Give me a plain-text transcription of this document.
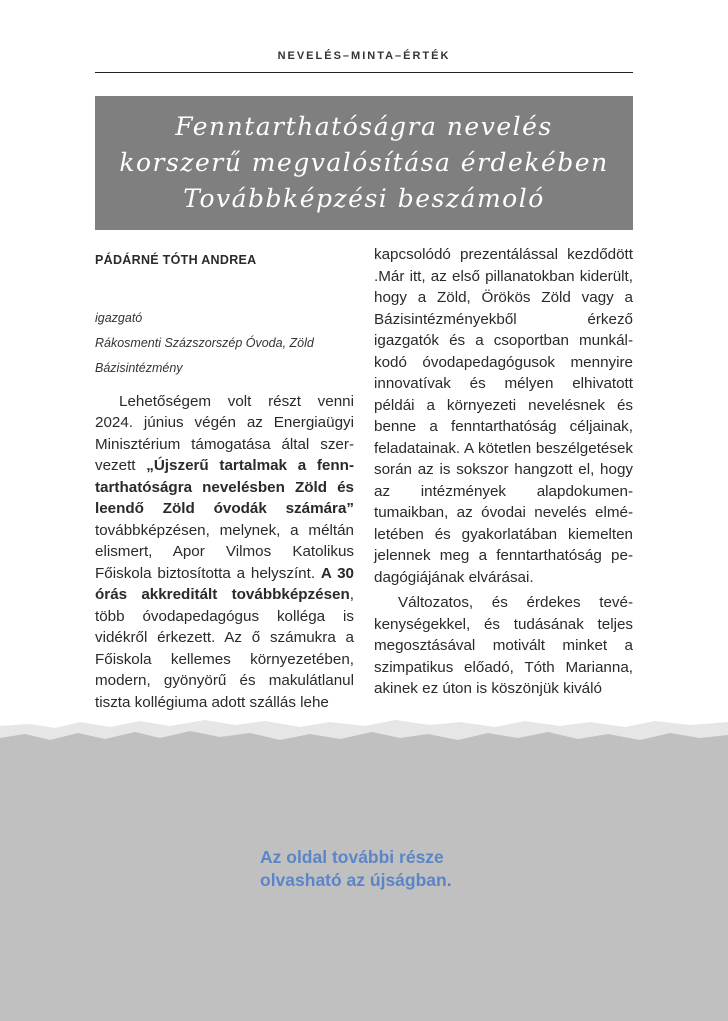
NEVELÉS–MINTA–ÉRTÉK
Fenntarthatóságra nevelés
korszerű megvalósítása érdekében
Továbbképzési beszámoló
PÁDÁRNÉ TÓTH ANDREA
igazgató
Rákosmenti Százszorszép Óvoda, Zöld
Bázisintézmény
Lehetőségem volt részt venni 2024. június végén az Energiaügyi Minisztérium támogatása által szervezett „Újszerű tartalmak a fenntarthatóságra nevelésben Zöld és leendő Zöld óvodák számára” továbbképzésen, melynek, a méltán elismert, Apor Vilmos Katolikus Főiskola biztosította a helyszínt. A 30 órás akkreditált továbbképzésen, több óvodapedagógus kolléga is vidékről érkezett. Az ő számukra a Főiskola kellemes környezetében, modern, gyönyörű és makulátlanul tiszta kollégiuma adott szállás lehe
kapcsolódó prezentálással kezdődött .Már itt, az első pillanatokban kiderült, hogy a Zöld, Örökös Zöld vagy a Bázisintézményekből érkező igazgatók és a csoportban munkálkodó óvodapedagógusok mennyire innovatívak és mélyen elhivatott példái a környezeti nevelésnek és benne a fenntarthatóság céljainak, feladatainak. A kötetlen beszélgetések során az is sokszor hangzott el, hogy az intézmények alapdokumentumaikban, az óvodai nevelés elméletében és gyakorlatában kiemelten jelennek meg a fenntarthatóság pedagógiájának elvárásai.
Változatos, és érdekes tevékenységekkel, és tudásának teljes megosztásával motivált minket a szimpatikus előadó, Tóth Marianna, akinek ez úton is köszönjük kiváló
Az oldal további része
olvasható az újságban.
